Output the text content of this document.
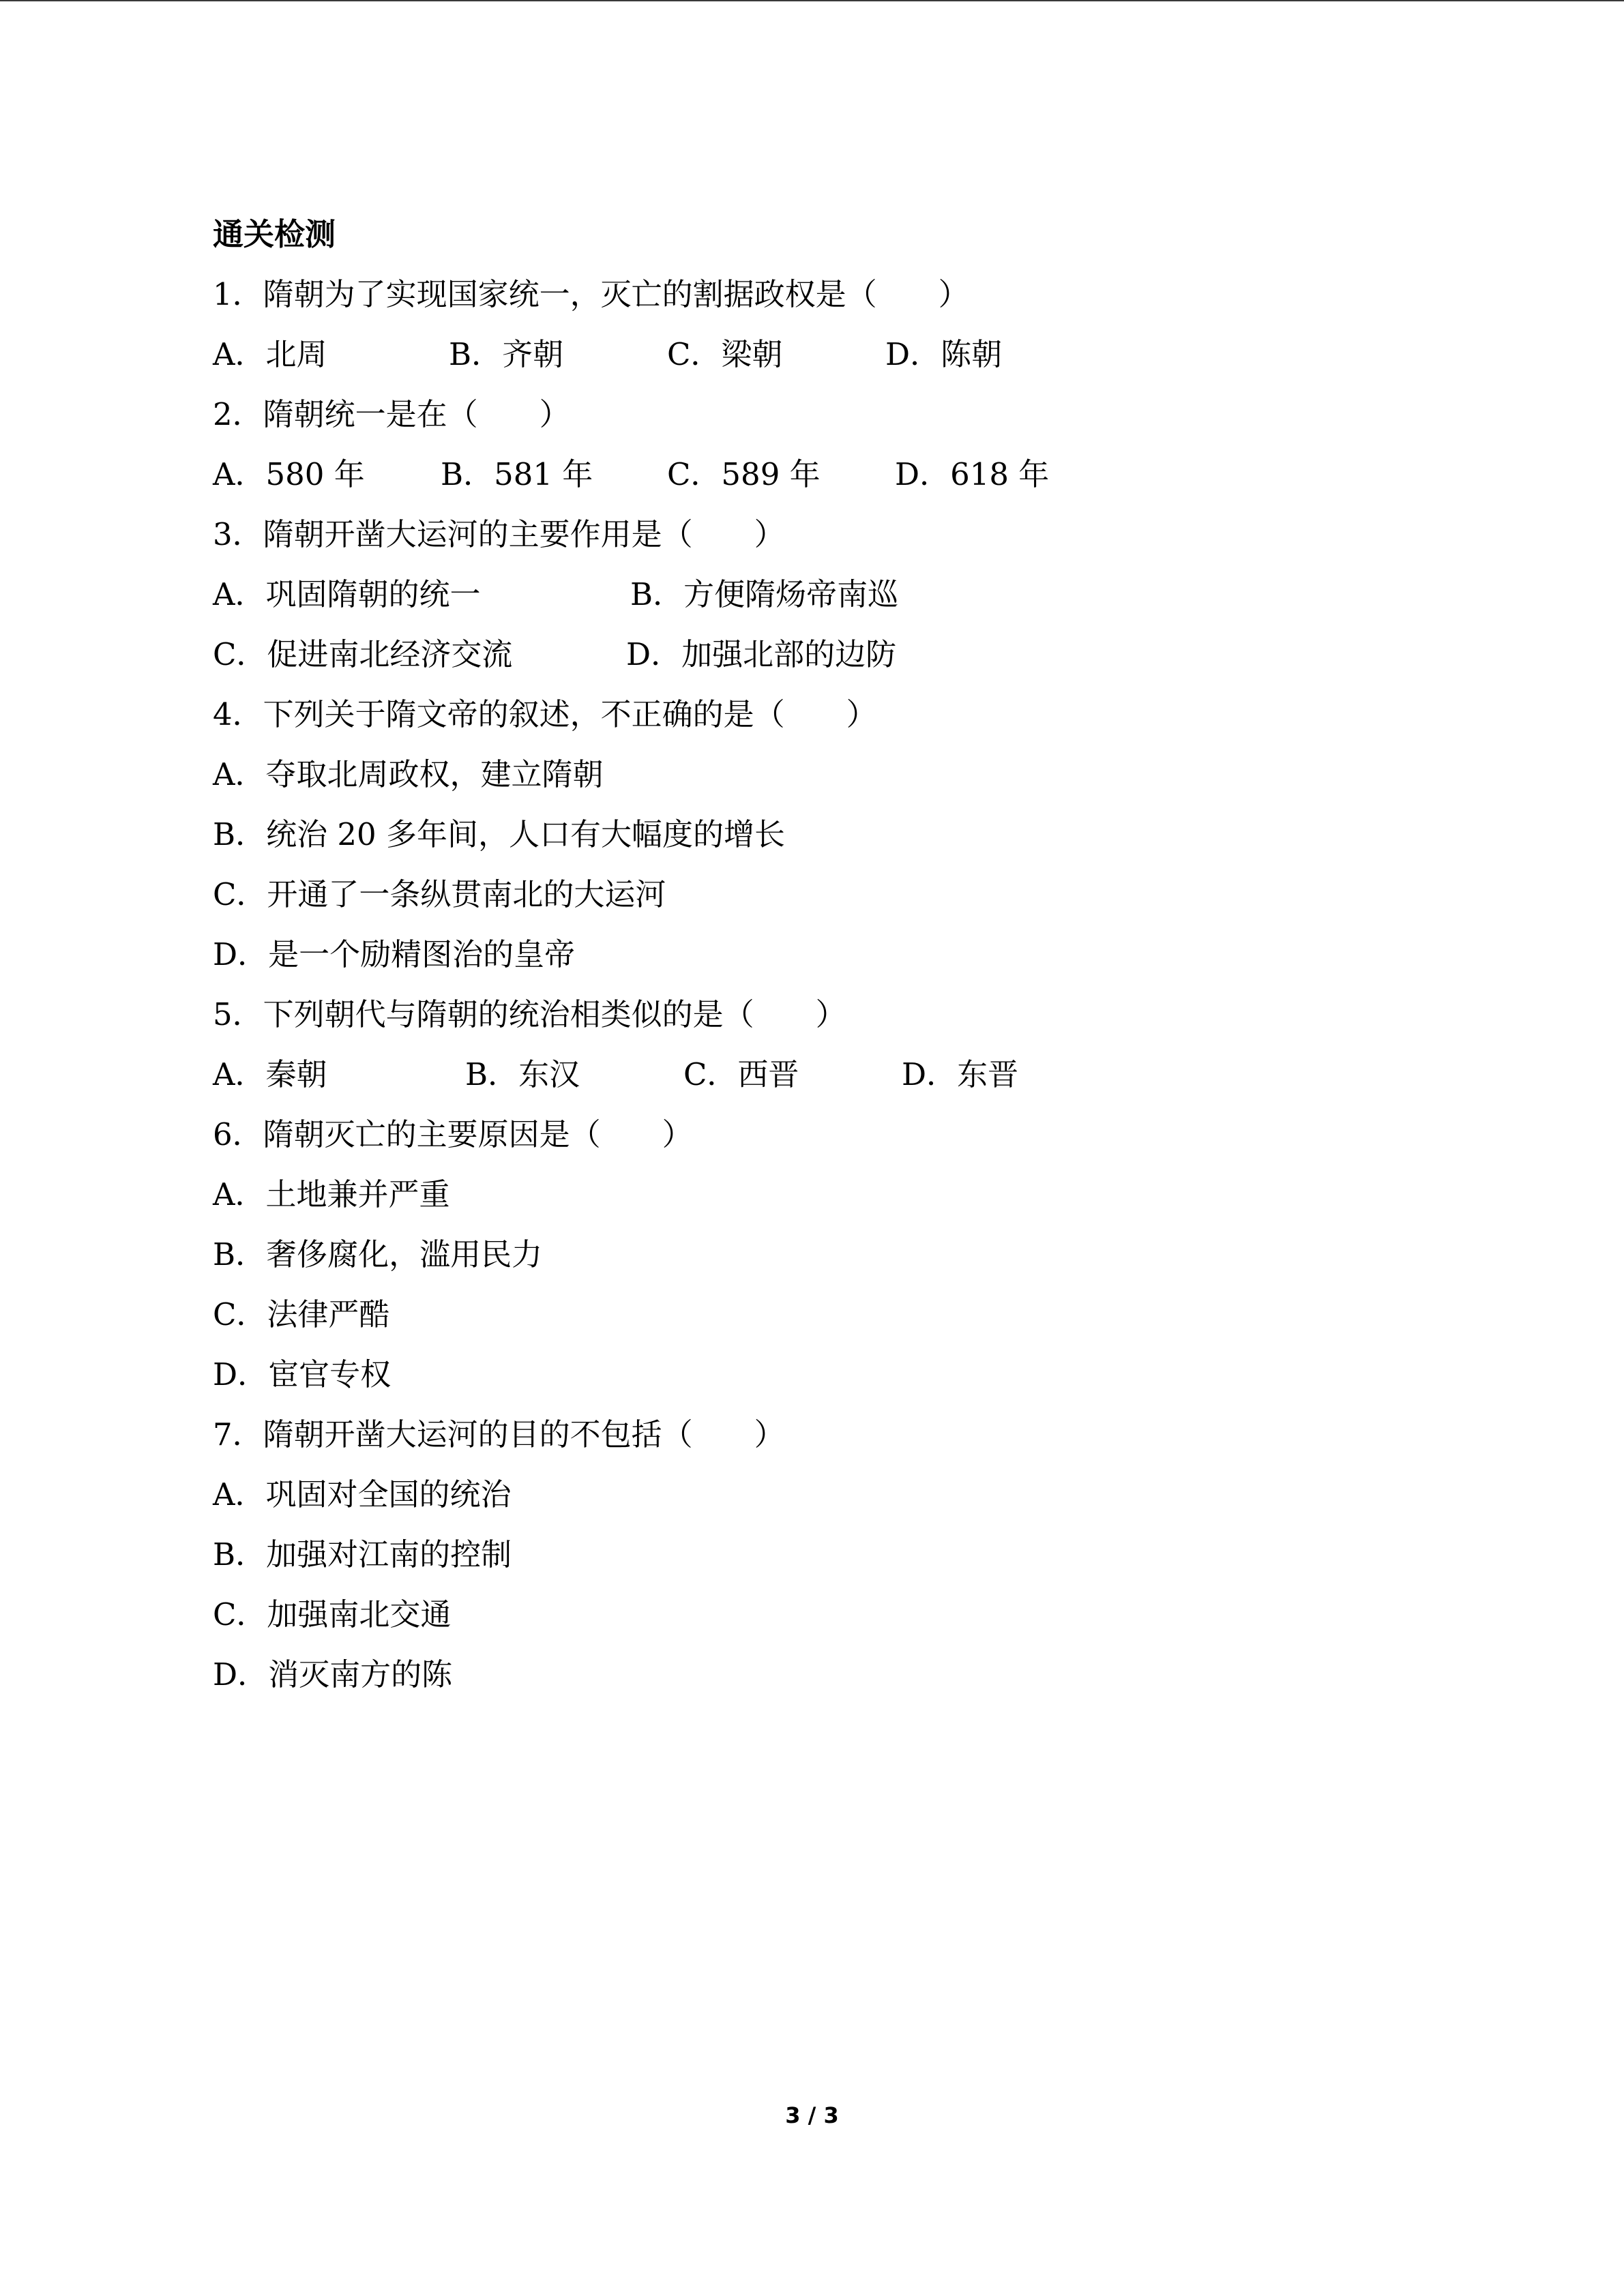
通关检测
1．隋朝为了实现国家统一，灭亡的割据政权是（　　）
A．北周	B．齐朝	C．梁朝	D．陈朝
2．隋朝统一是在（　　）
A．580 年 B．581 年 C．589 年 D．618 年
3．隋朝开凿大运河的主要作用是（　　）
A．巩固隋朝的统一	B．方便隋炀帝南巡
C．促进南北经济交流	D．加强北部的边防
4．下列关于隋文帝的叙述，不正确的是（　　）
A．夺取北周政权，建立隋朝
B．统治 20 多年间，人口有大幅度的增长
C．开通了一条纵贯南北的大运河
D．是一个励精图治的皇帝
5．下列朝代与隋朝的统治相类似的是（　　）
A．秦朝	B．东汉	C．西晋	D．东晋
6．隋朝灭亡的主要原因是（　　）
A．土地兼并严重
B．奢侈腐化，滥用民力
C．法律严酷
D．宦官专权
7．隋朝开凿大运河的目的不包括（　　）
A．巩固对全国的统治
B．加强对江南的控制
C．加强南北交通
D．消灭南方的陈
3 / 3
